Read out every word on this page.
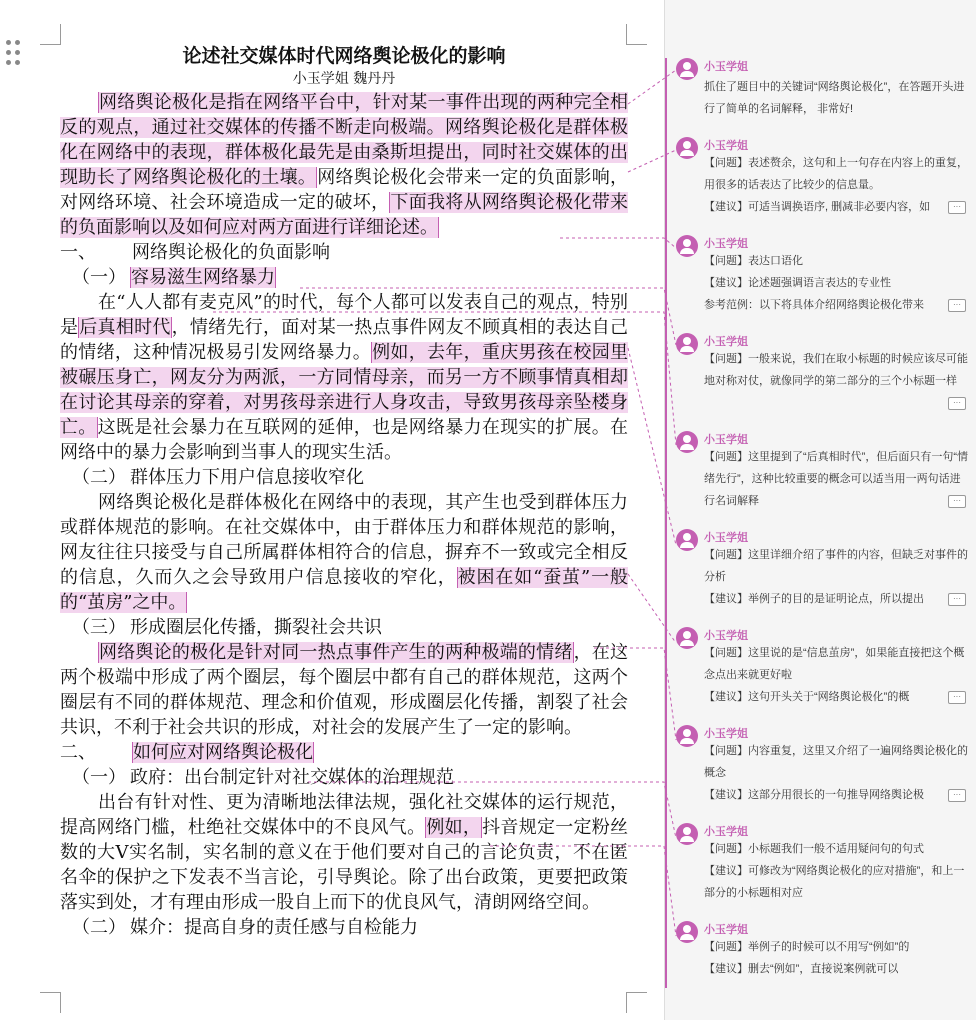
论述社交媒体时代网络舆论极化的影响
小玉学姐 魏丹丹

网络舆论极化是指在网络平台中，针对某一事件出现的两种完全相反的观点，通过社交媒体的传播不断走向极端。网络舆论极化是群体极化在网络中的表现，群体极化最先是由桑斯坦提出，同时社交媒体的出现助长了网络舆论极化的土壤。网络舆论极化会带来一定的负面影响，对网络环境、社会环境造成一定的破坏，下面我将从网络舆论极化带来的负面影响以及如何应对两方面进行详细论述。

一、 网络舆论极化的负面影响
（一） 容易滋生网络暴力

在“人人都有麦克风”的时代，每个人都可以发表自己的观点，特别是后真相时代，情绪先行，面对某一热点事件网友不顾真相的表达自己的情绪，这种情况极易引发网络暴力。例如，去年，重庆男孩在校园里被碾压身亡，网友分为两派，一方同情母亲，而另一方不顾事情真相却在讨论其母亲的穿着，对男孩母亲进行人身攻击，导致男孩母亲坠楼身亡。这既是社会暴力在互联网的延伸，也是网络暴力在现实的扩展。在网络中的暴力会影响到当事人的现实生活。

（二） 群体压力下用户信息接收窄化

网络舆论极化是群体极化在网络中的表现，其产生也受到群体压力或群体规范的影响。在社交媒体中，由于群体压力和群体规范的影响，网友往往只接受与自己所属群体相符合的信息，摒弃不一致或完全相反的信息，久而久之会导致用户信息接收的窄化，被困在如“蚕茧”一般的“茧房”之中。

（三） 形成圈层化传播，撕裂社会共识

网络舆论的极化是针对同一热点事件产生的两种极端的情绪，在这两个极端中形成了两个圈层，每个圈层中都有自己的群体规范，这两个圈层有不同的群体规范、理念和价值观，形成圈层化传播，割裂了社会共识，不利于社会共识的形成，对社会的发展产生了一定的影响。

二、 如何应对网络舆论极化
（一） 政府：出台制定针对社交媒体的治理规范

出台有针对性、更为清晰地法律法规，强化社交媒体的运行规范，提高网络门槛，杜绝社交媒体中的不良风气。例如，抖音规定一定粉丝数的大V实名制，实名制的意义在于他们要对自己的言论负责，不在匿名伞的保护之下发表不当言论，引导舆论。除了出台政策，更要把政策落实到处，才有理由形成一股自上而下的优良风气，清朗网络空间。

（二） 媒介：提高自身的责任感与自检能力
小玉学姐
抓住了题目中的关键词“网络舆论极化”，在答题开头进行了简单的名词解释， 非常好!
小玉学姐
【问题】表述赘余，这句和上一句存在内容上的重复，用很多的话表达了比较少的信息量。
【建议】可适当调换语序, 删减非必要内容，如	···
小玉学姐
【问题】表达口语化
【建议】论述题强调语言表达的专业性
参考范例：以下将具体介绍网络舆论极化带来	···
小玉学姐
【问题】一般来说，我们在取小标题的时候应该尽可能地对称对仗，就像同学的第二部分的三个小标题一样
···
小玉学姐
【问题】这里提到了“后真相时代”，但后面只有一句“情绪先行”，这种比较重要的概念可以适当用一两句话进行名词解释	···
小玉学姐
【问题】这里详细介绍了事件的内容，但缺乏对事件的分析
【建议】举例子的目的是证明论点，所以提出	···
小玉学姐
【问题】这里说的是“信息茧房”，如果能直接把这个概念点出来就更好啦
【建议】这句开头关于“网络舆论极化”的概	···
小玉学姐
【问题】内容重复，这里又介绍了一遍网络舆论极化的概念
【建议】这部分用很长的一句推导网络舆论极	···
小玉学姐
【问题】小标题我们一般不适用疑问句的句式
【建议】可修改为“网络舆论极化的应对措施”，和上一部分的小标题相对应
小玉学姐
【问题】举例子的时候可以不用写“例如”的
【建议】删去“例如”，直接说案例就可以
